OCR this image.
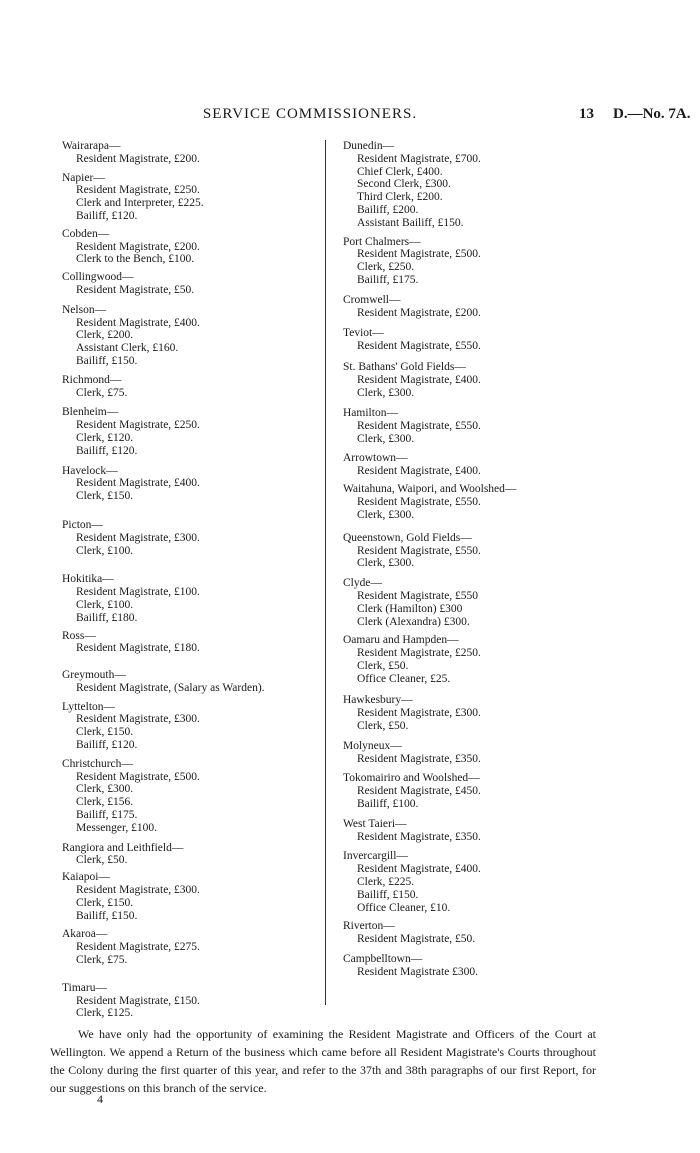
SERVICE COMMISSIONERS.	13 D.—No. 7A.
Wairarapa—
Resident Magistrate, £200.
Napier—
Resident Magistrate, £250.
Clerk and Interpreter, £225.
Bailiff, £120.
Cobden—
Resident Magistrate, £200.
Clerk to the Bench, £100.
Collingwood—
Resident Magistrate, £50.
Nelson—
Resident Magistrate, £400.
Clerk, £200.
Assistant Clerk, £160.
Bailiff, £150.
Richmond—
Clerk, £75.
Blenheim—
Resident Magistrate, £250.
Clerk, £120.
Bailiff, £120.
Havelock—
Resident Magistrate, £400.
Clerk, £150.
Picton—
Resident Magistrate, £300.
Clerk, £100.
Hokitika—
Resident Magistrate, £100.
Clerk, £100.
Bailiff, £180.
Ross—
Resident Magistrate, £180.
Greymouth—
Resident Magistrate, (Salary as Warden).
Lyttelton—
Resident Magistrate, £300.
Clerk, £150.
Bailiff, £120.
Christchurch—
Resident Magistrate, £500.
Clerk, £300.
Clerk, £156.
Bailiff, £175.
Messenger, £100.
Rangiora and Leithfield—
Clerk, £50.
Kaiapoi—
Resident Magistrate, £300.
Clerk, £150.
Bailiff, £150.
Akaroa—
Resident Magistrate, £275.
Clerk, £75.
Timaru—
Resident Magistrate, £150.
Clerk, £125.
Dunedin—
Resident Magistrate, £700.
Chief Clerk, £400.
Second Clerk, £300.
Third Clerk, £200.
Bailiff, £200.
Assistant Bailiff, £150.
Port Chalmers—
Resident Magistrate, £500.
Clerk, £250.
Bailiff, £175.
Cromwell—
Resident Magistrate, £200.
Teviot—
Resident Magistrate, £550.
St. Bathans' Gold Fields—
Resident Magistrate, £400.
Clerk, £300.
Hamilton—
Resident Magistrate, £550.
Clerk, £300.
Arrowtown—
Resident Magistrate, £400.
Waitahuna, Waipori, and Woolshed—
Resident Magistrate, £550.
Clerk, £300.
Queenstown, Gold Fields—
Resident Magistrate, £550.
Clerk, £300.
Clyde—
Resident Magistrate, £550
Clerk (Hamilton) £300
Clerk (Alexandra) £300.
Oamaru and Hampden—
Resident Magistrate, £250.
Clerk, £50.
Office Cleaner, £25.
Hawkesbury—
Resident Magistrate, £300.
Clerk, £50.
Molyneux—
Resident Magistrate, £350.
Tokomairiro and Woolshed—
Resident Magistrate, £450.
Bailiff, £100.
West Taieri—
Resident Magistrate, £350.
Invercargill—
Resident Magistrate, £400.
Clerk, £225.
Bailiff, £150.
Office Cleaner, £10.
Riverton—
Resident Magistrate, £50.
Campbelltown—
Resident Magistrate £300.
We have only had the opportunity of examining the Resident Magistrate and Officers of the Court at Wellington. We append a Return of the business which came before all Resident Magistrate's Courts throughout the Colony during the first quarter of this year, and refer to the 37th and 38th paragraphs of our first Report, for our suggestions on this branch of the service.
4
